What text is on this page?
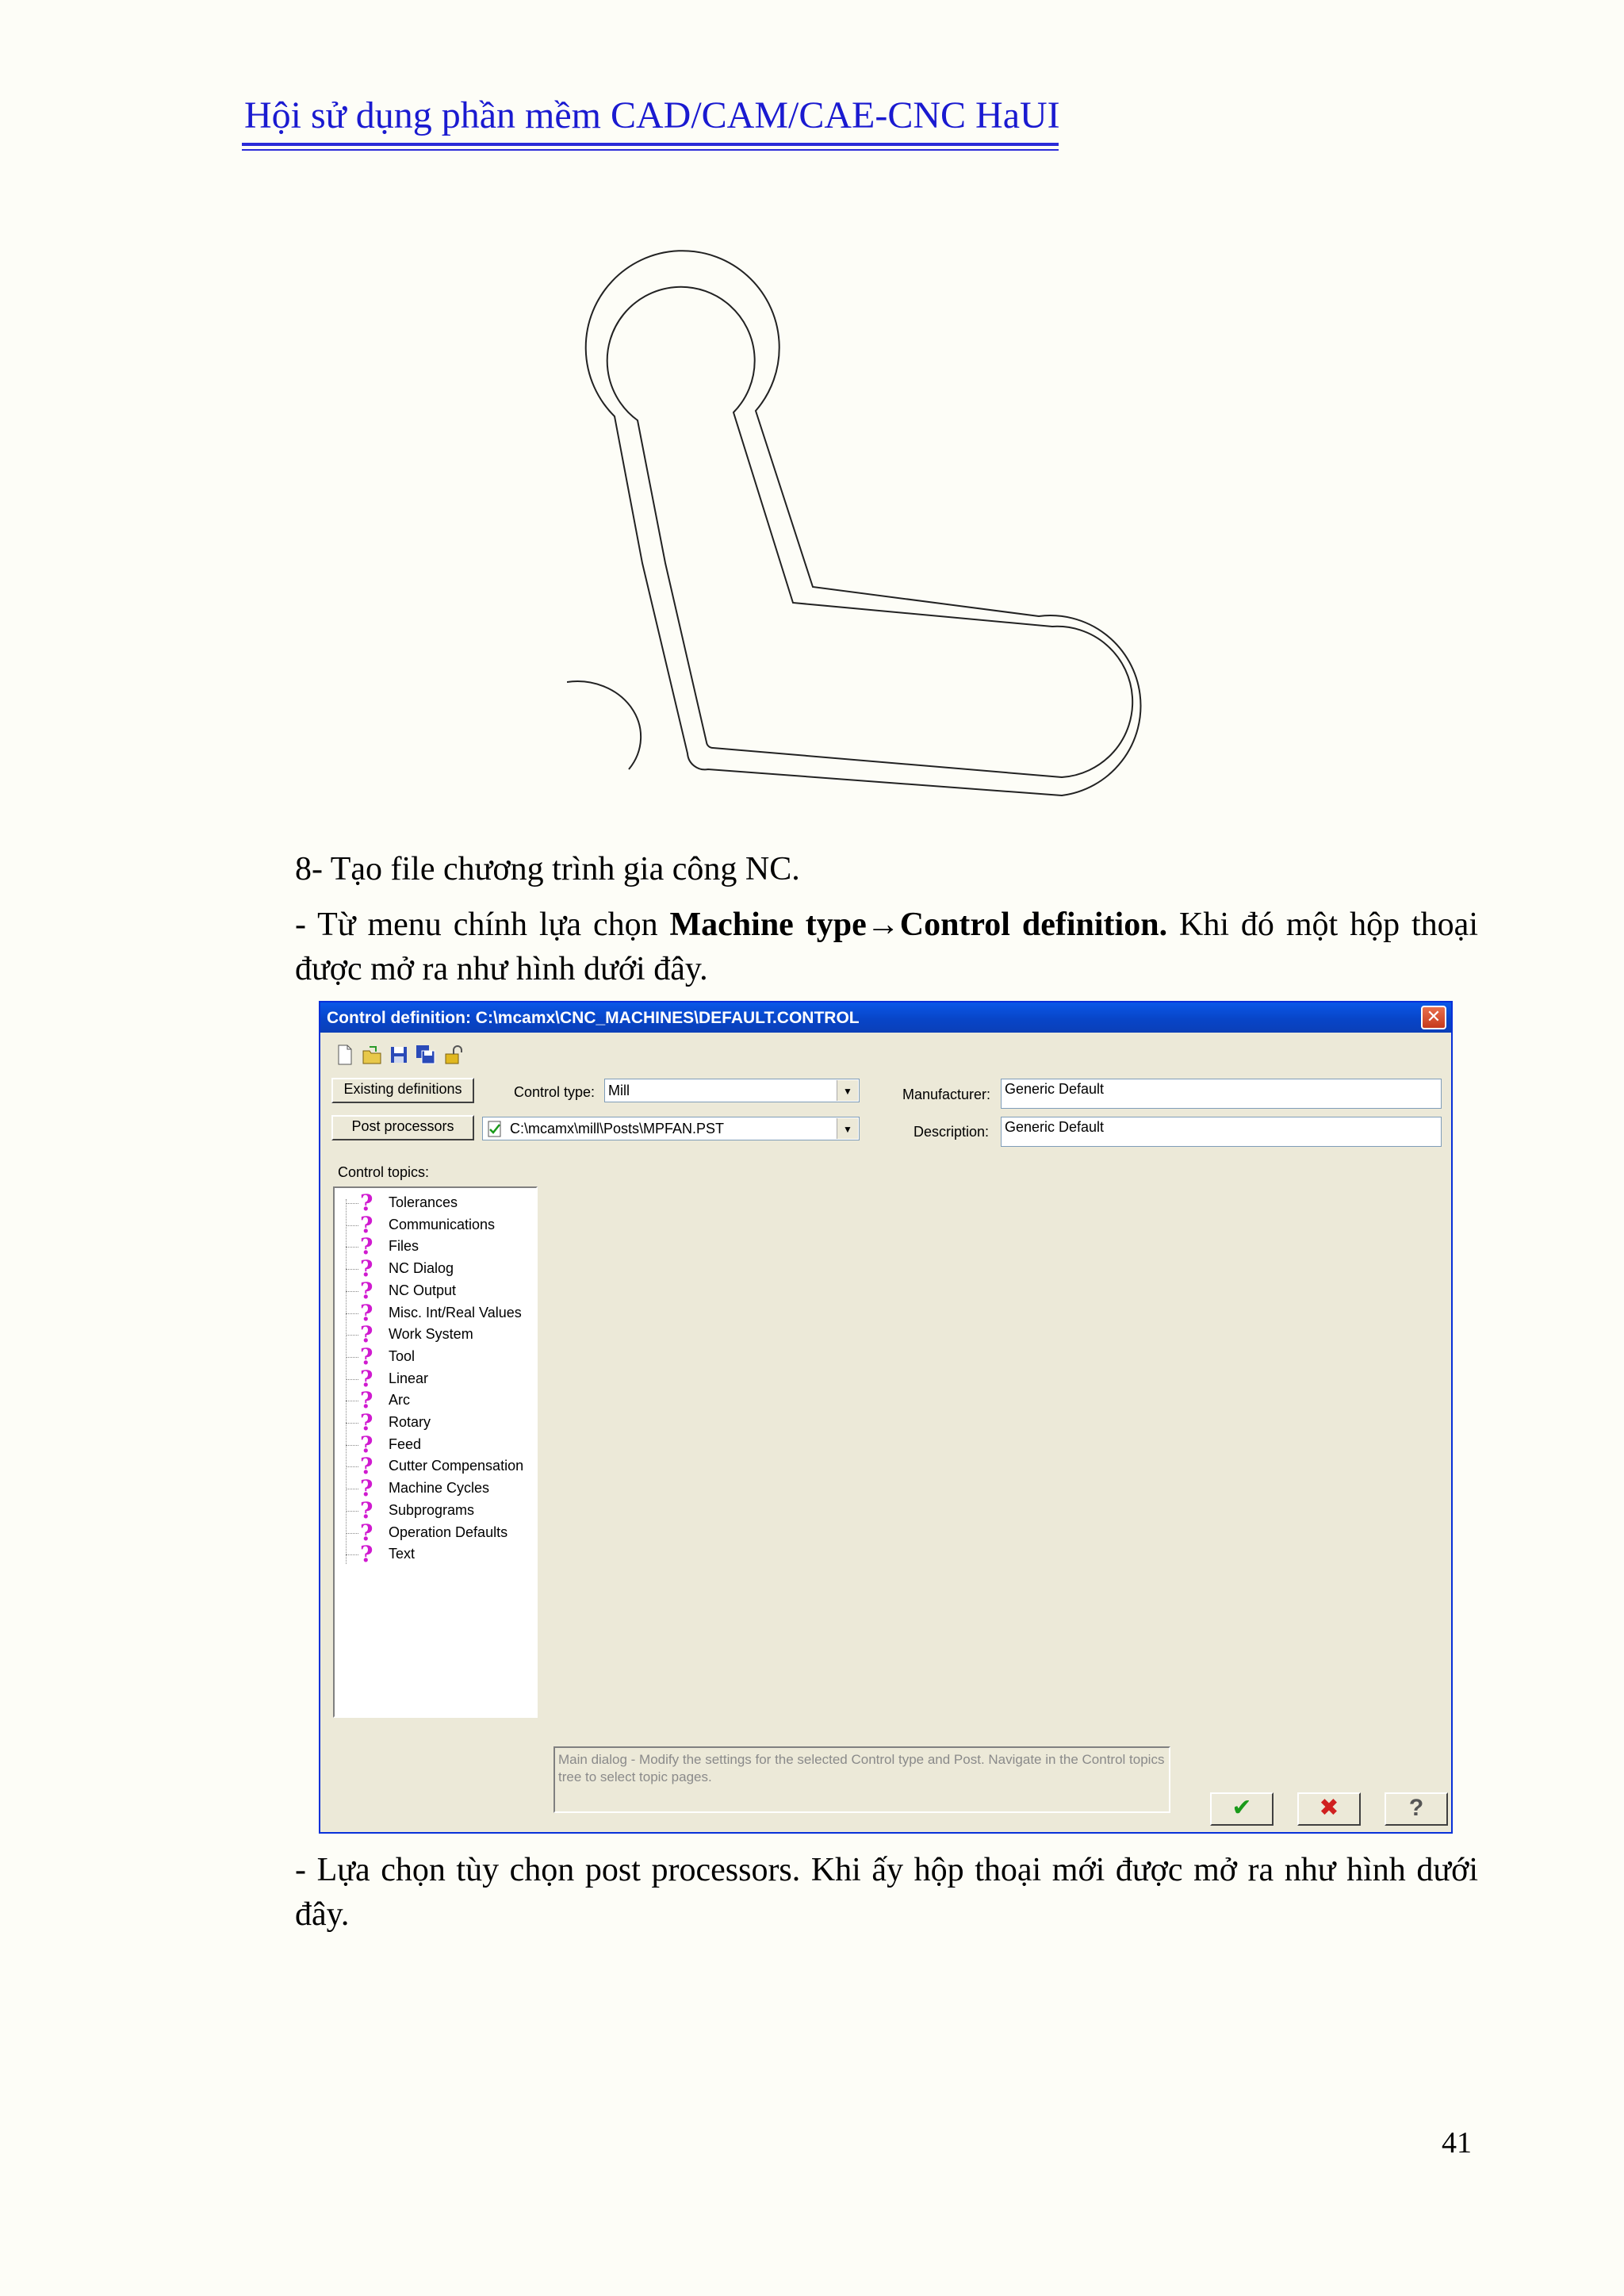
Hội sử dụng phần mềm CAD/CAM/CAE-CNC HaUI
8- Tạo file chương trình gia công NC.
- Từ menu chính lựa chọn Machine type→Control definition. Khi đó một hộp thoại được mở ra như hình dưới đây.
Control definition: C:\mcamx\CNC_MACHINES\DEFAULT.CONTROL	✕
Existing definitions
Post processors
Control type: Mill	▼
C:\mcamx\mill\Posts\MPFAN.PST	▼
Manufacturer: Generic Default
Description: Generic Default
Control topics:
? Tolerances
? Communications
? Files
? NC Dialog
? NC Output
? Misc. Int/Real Values
? Work System
? Tool
? Linear
? Arc
? Rotary
? Feed
? Cutter Compensation
? Machine Cycles
? Subprograms
? Operation Defaults
? Text
Main dialog - Modify the settings for the selected Control type and Post. Navigate in the Control topics tree to select topic pages.
✔	✖	?
- Lựa chọn tùy chọn post processors. Khi ấy hộp thoại mới được mở ra như hình dưới đây.
41
